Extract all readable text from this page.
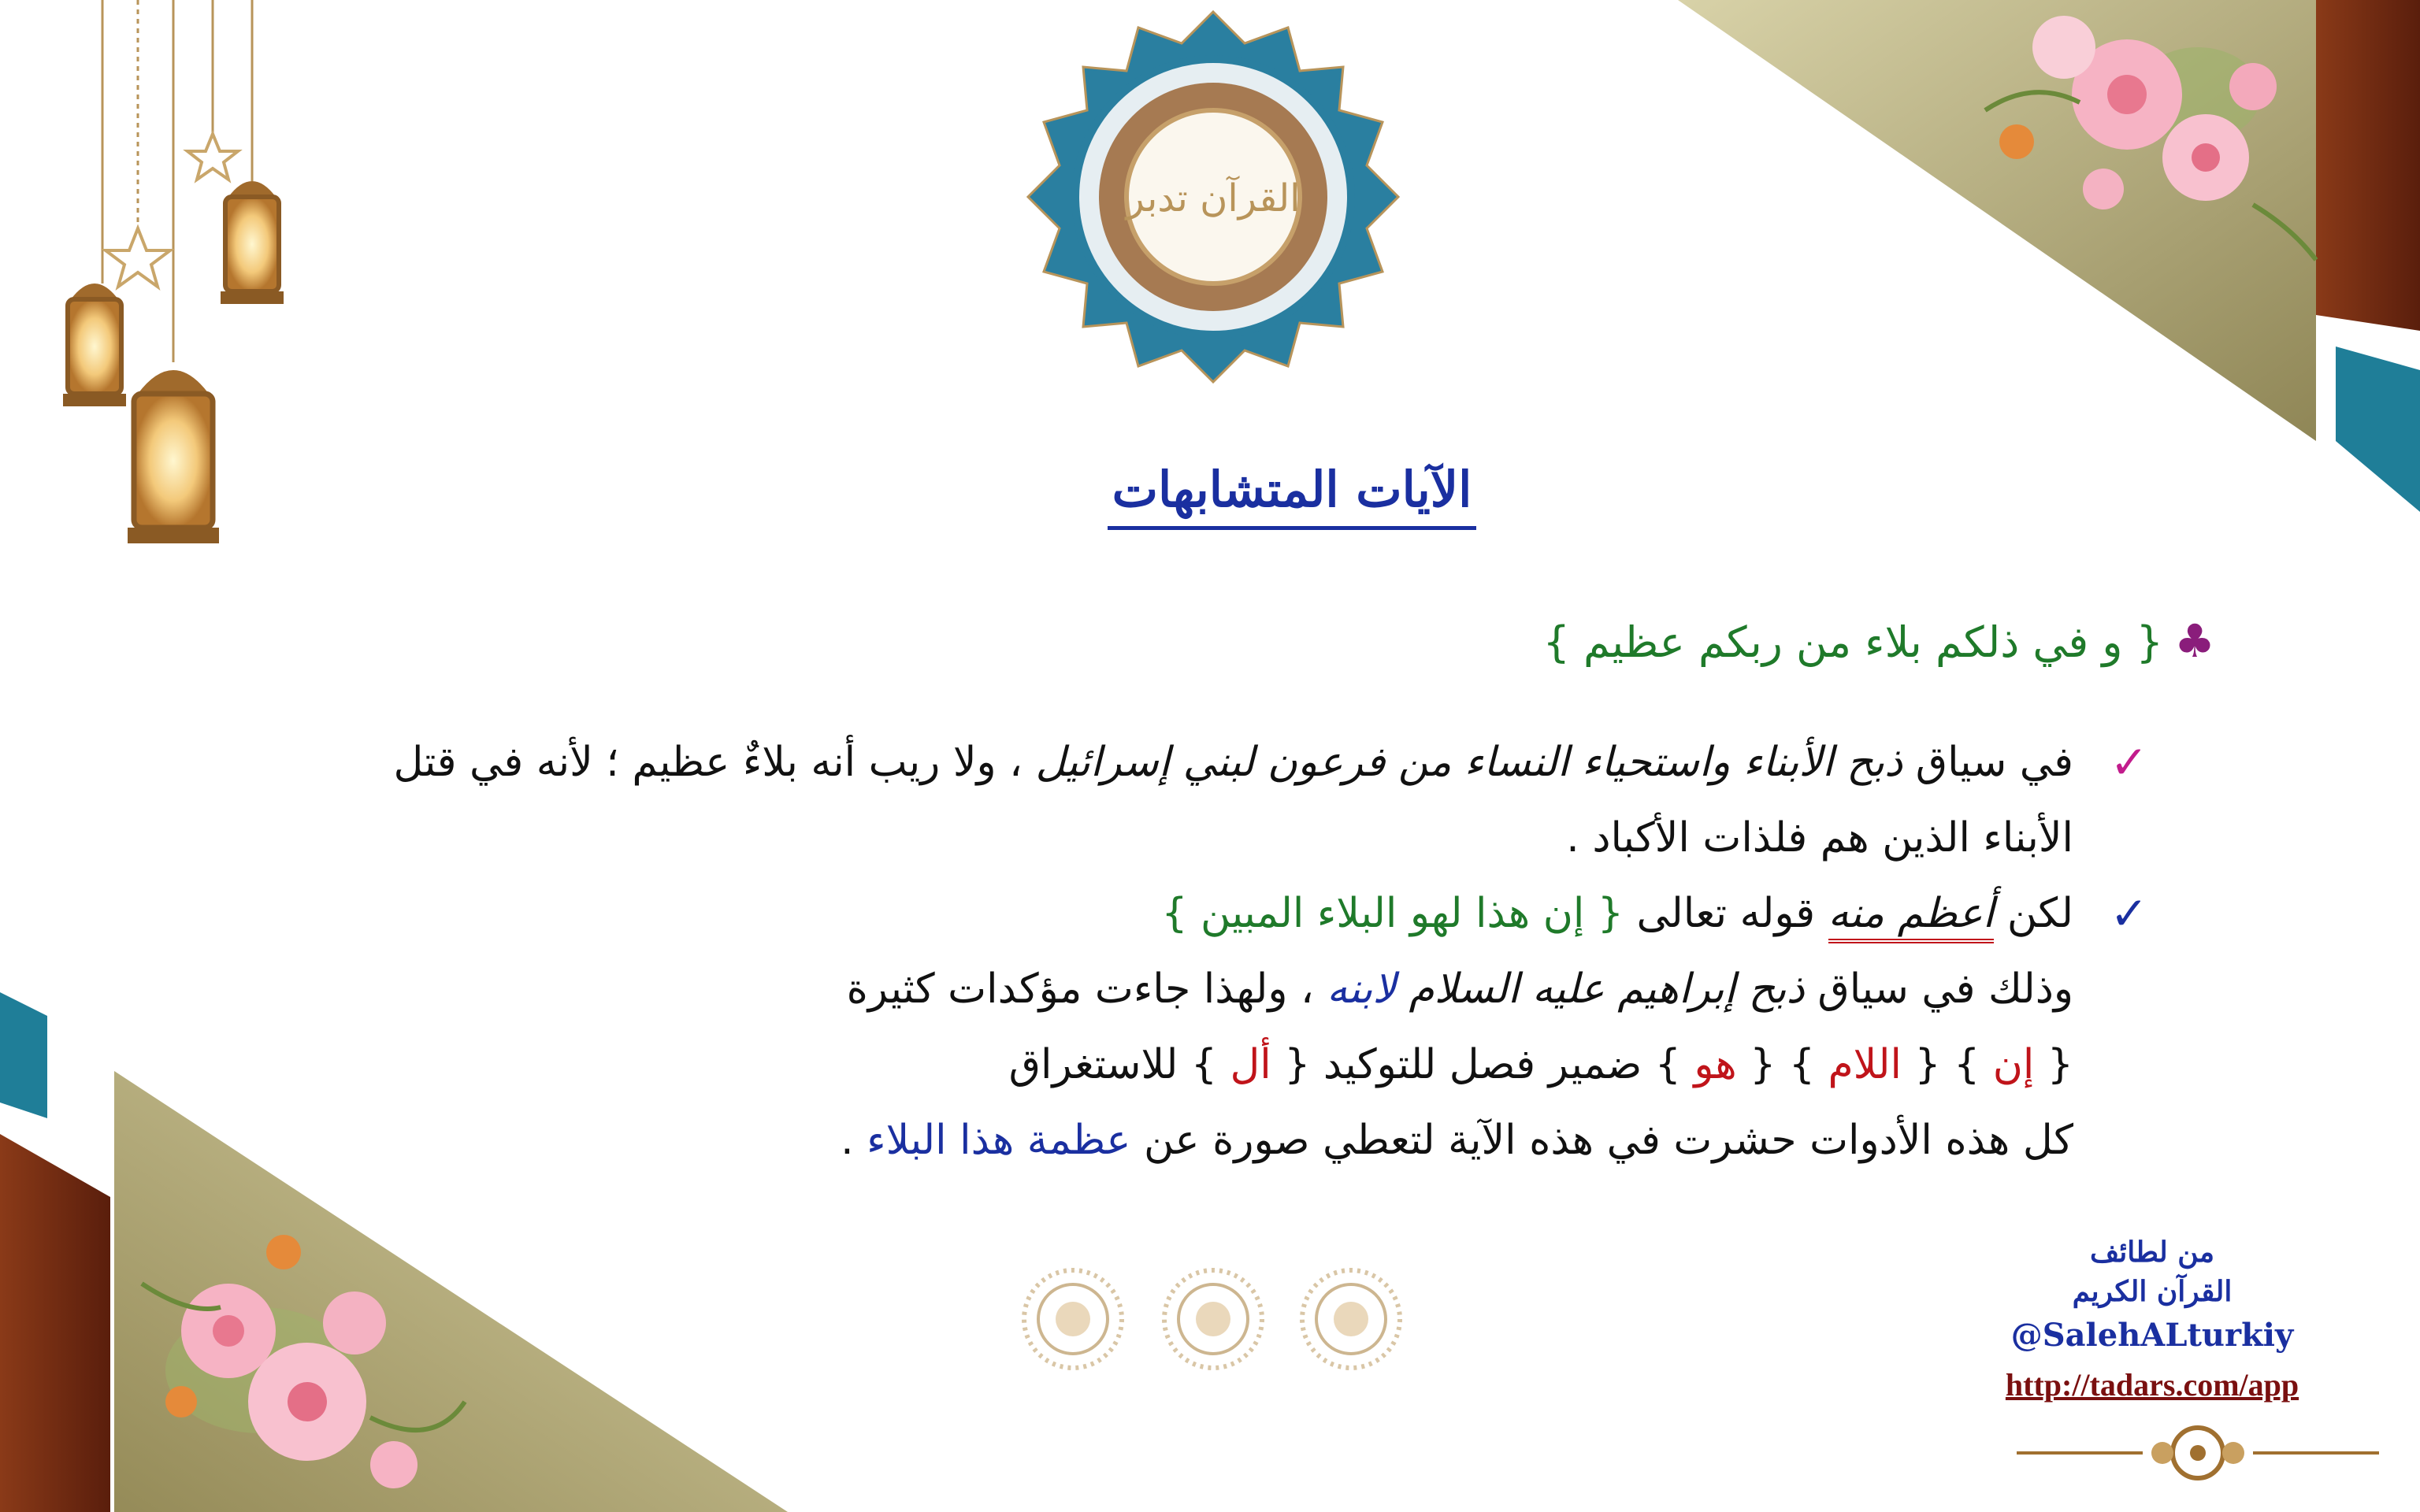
القرآن تدبر
الآيات المتشابهات
♣{ و في ذلكم بلاء من ربكم عظيم }
✓
في سياق ذبح الأبناء واستحياء النساء من فرعون لبني إسرائيل ، ولا ريب أنه بلاءٌ عظيم ؛ لأنه في قتل
الأبناء الذين هم فلذات الأكباد .
✓
لكن أعظم منه قوله تعالى { إن هذا لهو البلاء المبين }
وذلك في سياق ذبح إبراهيم عليه السلام لابنه ، ولهذا جاءت مؤكدات كثيرة
{ إن } { اللام } { هو } ضمير فصل للتوكيد { أل } للاستغراق
كل هذه الأدوات حشرت في هذه الآية لتعطي صورة عن عظمة هذا البلاء .
من لطائف
القرآن الكريم
@SalehALturkiy
http://tadars.com/app
